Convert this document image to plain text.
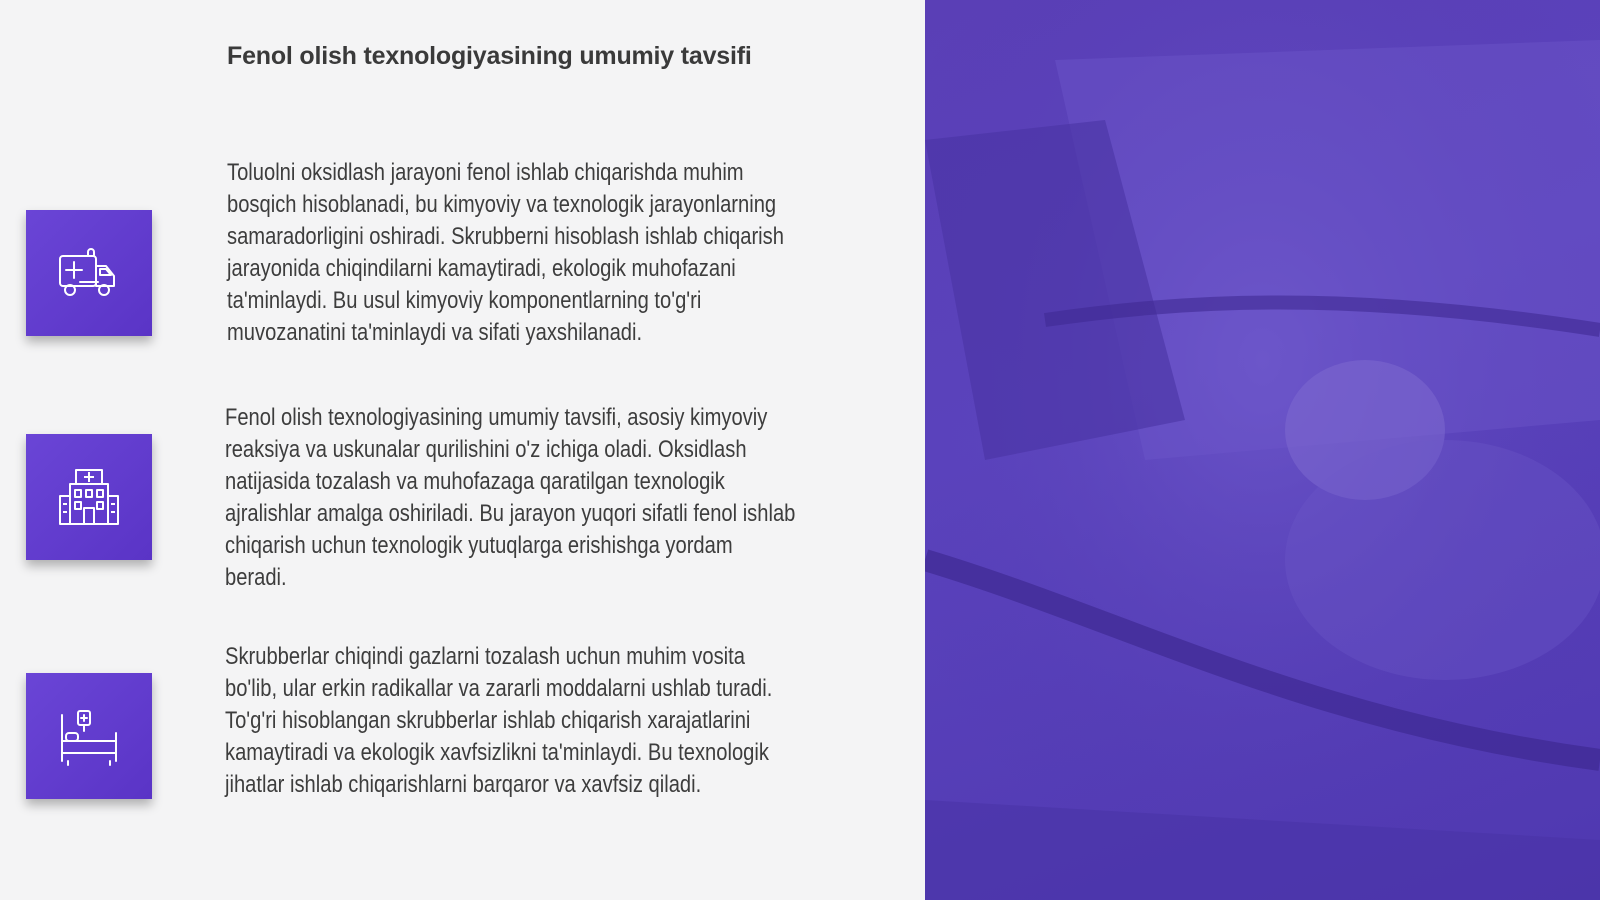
Fenol olish texnologiyasining umumiy tavsifi
Toluolni oksidlash jarayoni fenol ishlab chiqarishda muhim bosqich hisoblanadi, bu kimyoviy va texnologik jarayonlarning samaradorligini oshiradi. Skrubberni hisoblash ishlab chiqarish jarayonida chiqindilarni kamaytiradi, ekologik muhofazani ta'minlaydi. Bu usul kimyoviy komponentlarning to'g'ri muvozanatini ta'minlaydi va sifati yaxshilanadi.
Fenol olish texnologiyasining umumiy tavsifi, asosiy kimyoviy reaksiya va uskunalar qurilishini o'z ichiga oladi. Oksidlash natijasida tozalash va muhofazaga qaratilgan texnologik ajralishlar amalga oshiriladi. Bu jarayon yuqori sifatli fenol ishlab chiqarish uchun texnologik yutuqlarga erishishga yordam beradi.
Skrubberlar chiqindi gazlarni tozalash uchun muhim vosita bo'lib, ular erkin radikallar va zararli moddalarni ushlab turadi. To'g'ri hisoblangan skrubberlar ishlab chiqarish xarajatlarini kamaytiradi va ekologik xavfsizlikni ta'minlaydi. Bu texnologik jihatlar ishlab chiqarishlarni barqaror va xavfsiz qiladi.
